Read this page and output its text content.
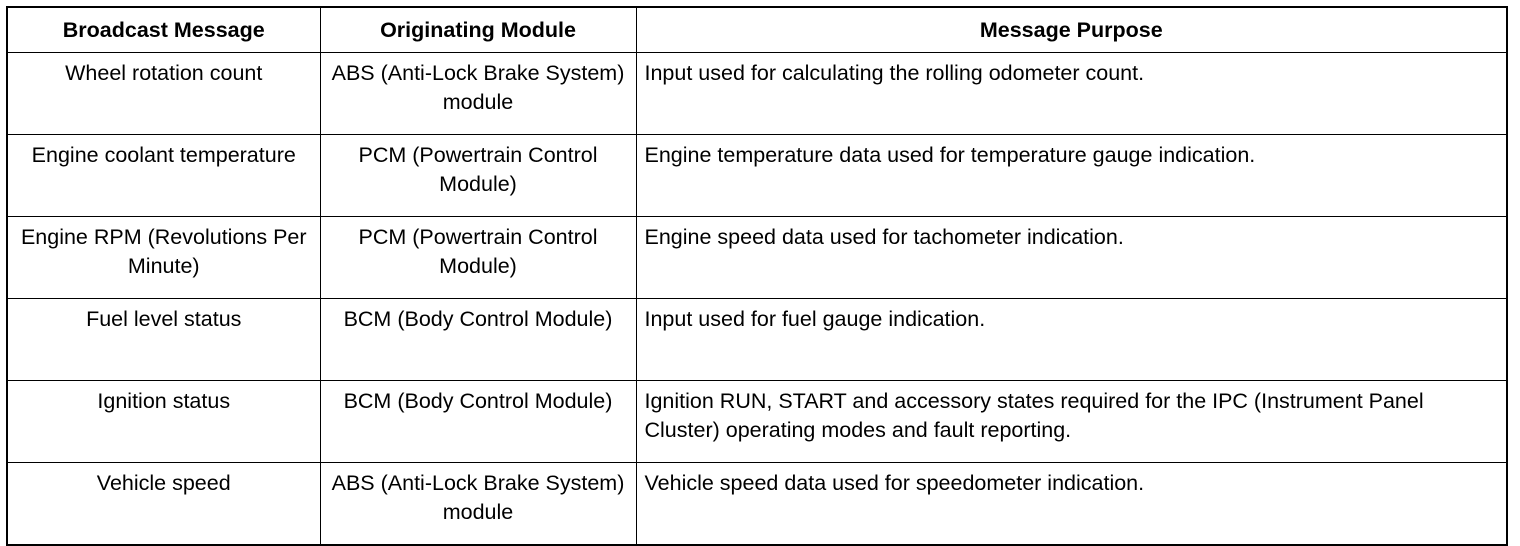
Broadcast Message	Originating Module	Message Purpose
Wheel rotation count	ABS (Anti-Lock Brake System) module	Input used for calculating the rolling odometer count.
Engine coolant temperature	PCM (Powertrain Control Module)	Engine temperature data used for temperature gauge indication.
Engine RPM (Revolutions Per Minute)	PCM (Powertrain Control Module)	Engine speed data used for tachometer indication.
Fuel level status	BCM (Body Control Module)	Input used for fuel gauge indication.
Ignition status	BCM (Body Control Module)	Ignition RUN, START and accessory states required for the IPC (Instrument Panel Cluster) operating modes and fault reporting.
Vehicle speed	ABS (Anti-Lock Brake System) module	Vehicle speed data used for speedometer indication.
